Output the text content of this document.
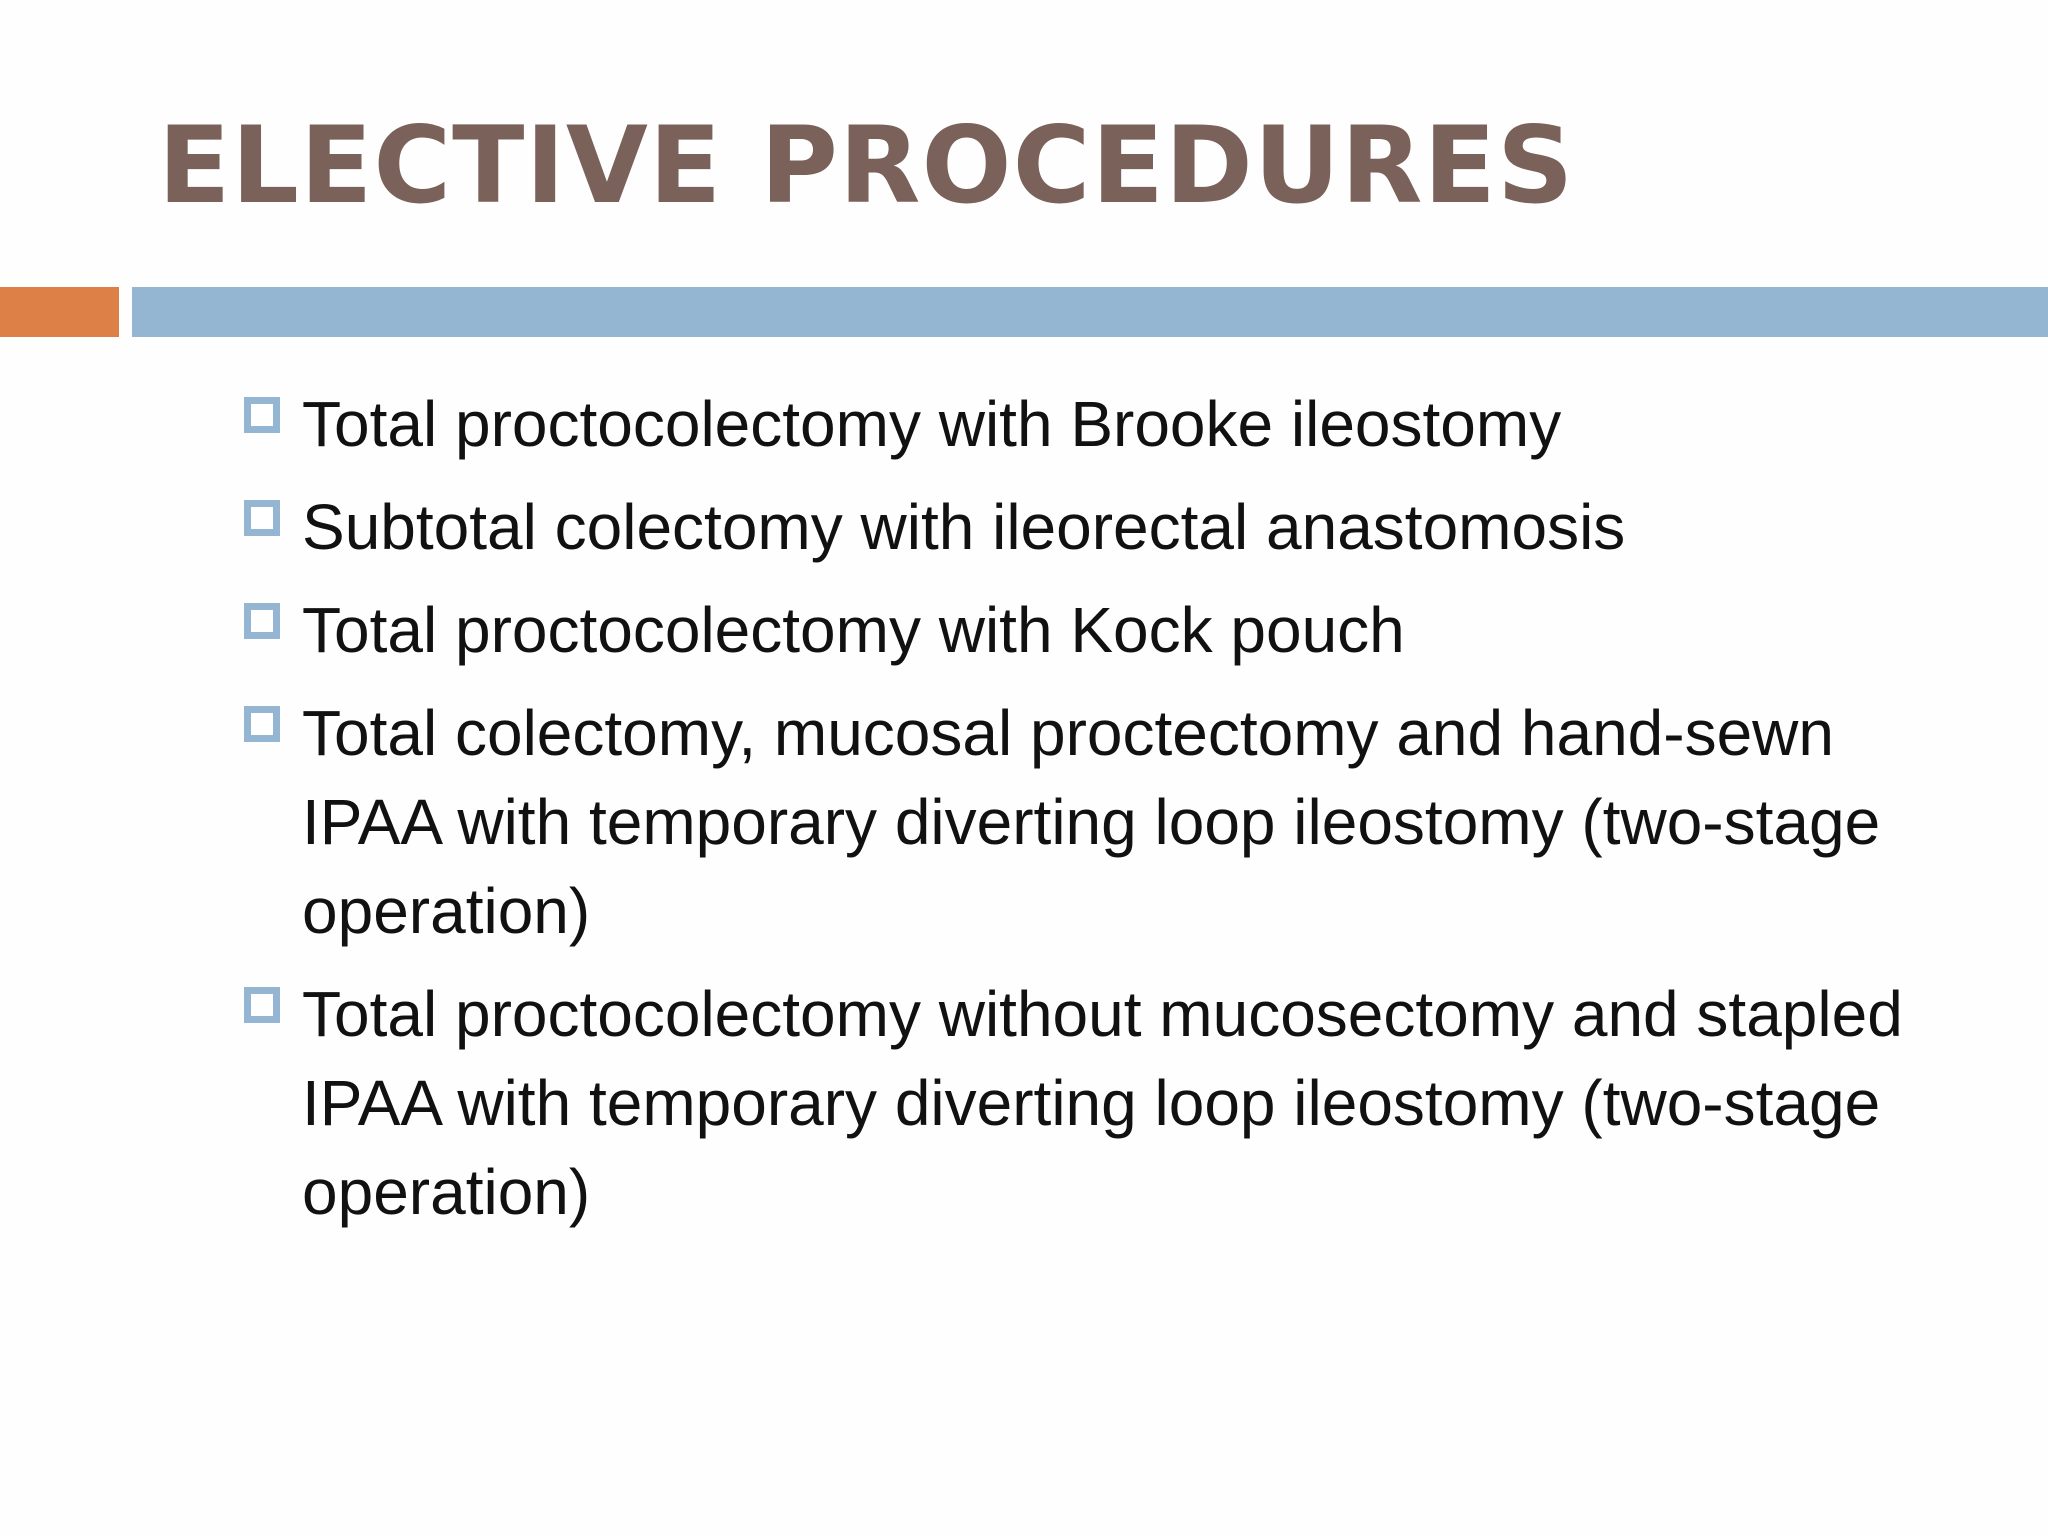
ELECTIVE PROCEDURES
Total proctocolectomy with Brooke ileostomy
Subtotal colectomy with ileorectal anastomosis
Total proctocolectomy with Kock pouch
Total colectomy, mucosal proctectomy and hand-sewn IPAA with temporary diverting loop ileostomy (two-stage operation)
Total proctocolectomy without mucosectomy and stapled IPAA with temporary diverting loop ileostomy (two-stage operation)
